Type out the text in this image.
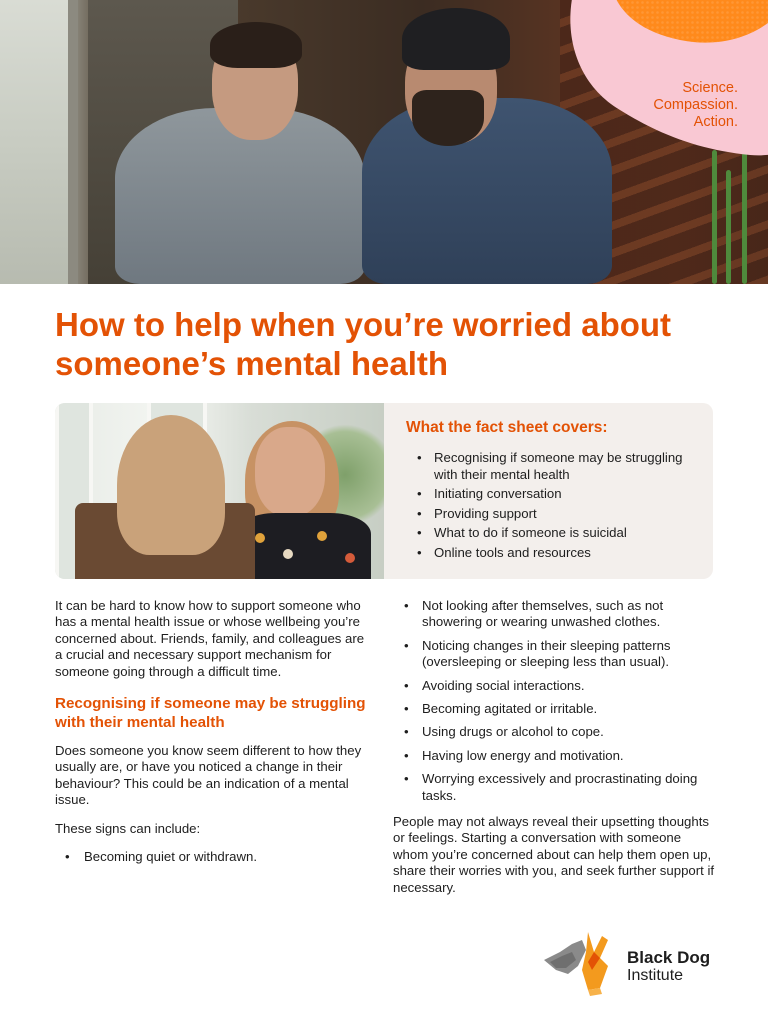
Science.
Compassion.
Action.
How to help when you’re worried about someone’s mental health
What the fact sheet covers:
• Recognising if someone may be struggling with their mental health
• Initiating conversation
• Providing support
• What to do if someone is suicidal
• Online tools and resources

It can be hard to know how to support someone who has a mental health issue or whose wellbeing you’re concerned about. Friends, family, and colleagues are a crucial and necessary support mechanism for someone going through a difficult time.

Recognising if someone may be struggling with their mental health

Does someone you know seem different to how they usually are, or have you noticed a change in their behaviour? This could be an indication of a mental issue.

These signs can include:

• Becoming quiet or withdrawn.
• Not looking after themselves, such as not showering or wearing unwashed clothes.
• Noticing changes in their sleeping patterns (oversleeping or sleeping less than usual).
• Avoiding social interactions.
• Becoming agitated or irritable.
• Using drugs or alcohol to cope.
• Having low energy and motivation.
• Worrying excessively and procrastinating doing tasks.

People may not always reveal their upsetting thoughts or feelings. Starting a conversation with someone whom you’re concerned about can help them open up, share their worries with you, and seek further support if necessary.

Black Dog
Institute
